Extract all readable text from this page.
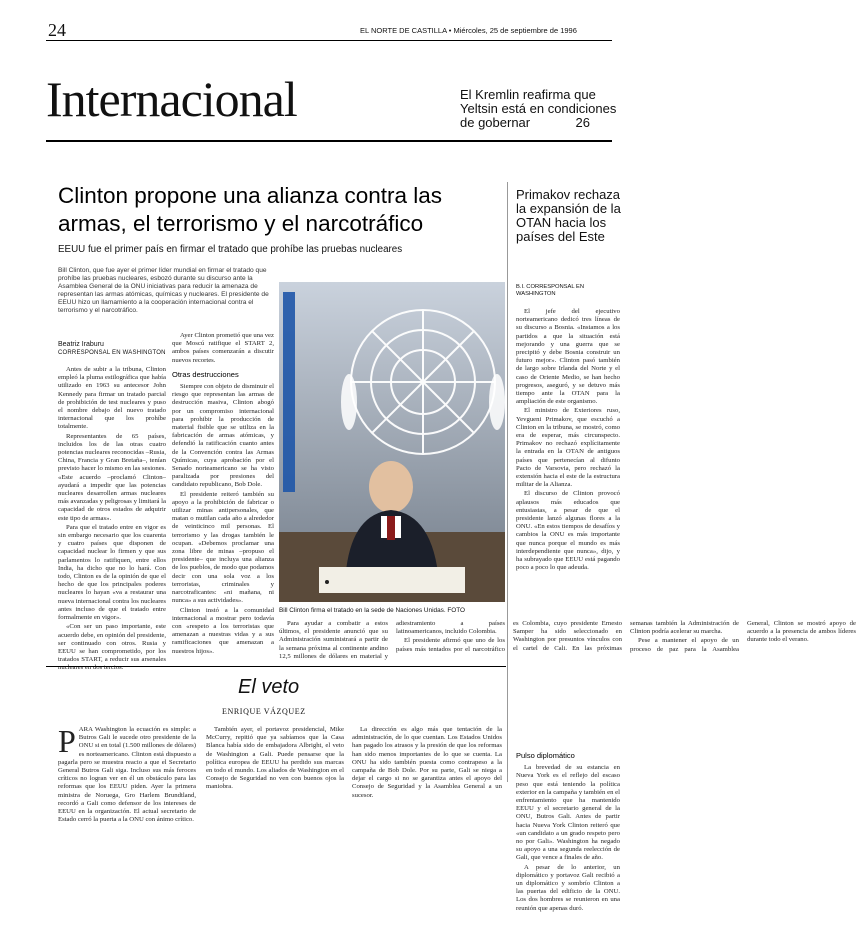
24	EL NORTE DE CASTILLA • Miércoles, 25 de septiembre de 1996
Internacional	El Kremlin reafirma que Yeltsin está en condiciones de gobernar	26
Clinton propone una alianza contra las armas, el terrorismo y el narcotráfico
EEUU fue el primer país en firmar el tratado que prohíbe las pruebas nucleares
Bill Clinton, que fue ayer el primer líder mundial en firmar el tratado que prohíbe las pruebas nucleares, esbozó durante su discurso ante la Asamblea General de la ONU iniciativas para reducir la amenaza de representan las armas atómicas, químicas y nucleares. El presidente de EEUU hizo un llamamiento a la cooperación internacional contra el terrorismo y el narcotráfico.
Beatriz Iraburu
CORRESPONSAL EN WASHINGTON

Antes de subir a la tribuna, Clinton empleó la pluma estilográfica que había utilizado en 1963 su antecesor John Kennedy para firmar un tratado parcial de prohibición de test nucleares y puso el nombre debajo del nuevo tratado internacional que los prohíbe totalmente.

Representantes de 65 países, incluidos los de las otras cuatro potencias nucleares reconocidas –Rusia, China, Francia y Gran Bretaña–, tenían previsto hacer lo mismo en las sesiones. «Este acuerdo –proclamó Clinton– ayudará a impedir que las potencias nucleares desarrollen armas nucleares más avanzadas y peligrosas y limitará la capacidad de otros estados de adquirir este tipo de armas».

Para que el tratado entre en vigor es sin embargo necesario que los cuarenta y cuatro países que disponen de capacidad nuclear lo firmen y que sus parlamentos lo ratifiquen, entre ellos India, ha dicho que no lo hará. Con todo, Clinton es de la opinión de que el hecho de que los principales poderes nucleares lo hayan «va a restaurar una nueva internacional contra los nucleares antes incluso de que el tratado entre formalmente en vigor».

«Con ser un paso importante, este acuerdo debe, en opinión del presidente, ser continuado con otros. Rusia y EEUU se han comprometido, por los tratados START, a reducir sus arsenales nucleares en dos tercios.

Ayer Clinton prometió que una vez que Moscú ratifique el START 2, ambos países comenzarán a discutir nuevos recortes.

Otras destrucciones

Siempre con objeto de disminuir el riesgo que representan las armas de destrucción masiva, Clinton abogó por un compromiso internacional para prohibir la producción de material fisible que se utiliza en la fabricación de armas atómicas, y defendió la ratificación cuanto antes de la Convención contra las Armas Químicas, cuya aprobación por el Senado norteamericano se ha visto paralizada por presiones del candidato republicano, Bob Dole.

El presidente reiteró también su apoyo a la prohibición de fabricar o utilizar minas antipersonales, que matan o mutilan cada año a alrededor de veinticinco mil personas. El terrorismo y las drogas también le ocupan. «Debemos proclamar una zona libre de minas –propuso el presidente– que incluya una alianza de los pueblos, de modo que podamos decir con una sola voz a los terroristas, criminales y narcotraficantes: «ni mañana, ni nunca» a sus actividades».

Clinton instó a la comunidad internacional a mostrar pero todavía con «respeto a los terroristas que amenazan a nuestras vidas y a sus ramificaciones que amenazan a nuestros hijos».

Para ayudar a combatir a estos últimos, el presidente anunció que su Administración suministrará a partir de la semana próxima al continente andino 12,5 millones de dólares en material y adiestramiento a países latinoamericanos, incluido Colombia.

El presidente afirmó que uno de los países más tentados por el narcotráfico es Colombia, cuyo presidente Ernesto Samper ha sido seleccionado en Washington por presuntos vínculos con el cartel de Cali. En las próximas semanas también la Administración de Clinton podría acelerar su marcha.

Pese a mantener el apoyo de un proceso de paz para la Asamblea General, Clinton se mostró apoyo de acuerdo a la presencia de ambos líderes durante todo el verano.

Bill Clinton firma el tratado en la sede de Naciones Unidas. FOTO
Primakov rechaza la expansión de la OTAN hacia los países del Este
B.I. CORRESPONSAL EN WASHINGTON

El jefe del ejecutivo norteamericano dedicó tres líneas de su discurso a Bosnia. «Instamos a los partidos a que la situación está mejorando y una guerra que se precipitó y debe Bosnia construir un futuro mejor». Clinton pasó también de largo sobre Irlanda del Norte y el caso de Oriente Medio, se han hecho progresos, aseguró, y se detuvo más tiempo ante la OTAN para la ampliación de este organismo.

El ministro de Exteriores ruso, Yevgueni Primakov, que escuchó a Clinton en la tribuna, se mostró, como era de esperar, más circunspecto. Primakov no rechazó explícitamente la entrada en la OTAN de antiguos países que pertenecían al difunto Pacto de Varsovia, pero rechazó la extensión hacia el este de la estructura militar de la Alianza.

El discurso de Clinton provocó aplausos más educados que entusiastas, a pesar de que el presidente lanzó algunas flores a la ONU. «En estos tiempos de desafíos y cambios la ONU es más importante que nunca porque el mundo es más interdependiente que nunca», dijo, y ha subrayado que EEUU está pagando poco a poco lo que adeuda.

Pulso diplomático

La brevedad de su estancia en Nueva York es el reflejo del escaso peso que está teniendo la política exterior en la campaña y también en el enfrentamiento que ha mantenido EEUU y el secretario general de la ONU, Butros Gali. Antes de partir hacia Nueva York Clinton reiteró que «un candidato a un grado respeto pero no por Gali». Washington ha negado su apoyo a una segunda reelección de Gali, que vence a finales de año.

A pesar de lo anterior, un diplomático y portavoz Gali recibió a un diplomático y sombrío Clinton a las puertas del edificio de la ONU. Los dos hombres se reunieron en una reunión que apenas duró.

El veto
ENRIQUE VÁZQUEZ
P ARA Washington la ecuación es simple: a Butros Gali le sucede otro presidente de la ONU si en total (1.500 millones de dólares) es norteamericano. Clinton está dispuesto a pagarla pero se muestra reacio a que el Secretario General Butros Gali siga. Incluso sus más feroces críticos no logran ver en él un obstáculo para las reformas que los EEUU piden. Ayer la primera ministra de Noruega, Gro Harlem Brundtland, recordó a Gali como defensor de los intereses de EEUU en la organización. El actual secretario de Estado cerró la puerta a la ONU con ánimo crítico.

También ayer, el portavoz presidencial, Mike McCurry, repitió que ya sabíamos que la Casa Blanca había sido de embajadora Albright, el veto de Washington a Gali. Puede pensarse que la política europea de EEUU ha perdido sus marcas en todo el mundo. Los aliados de Washington en el Consejo de Seguridad no ven con buenos ojos la maniobra.

La dirección es algo más que tentación de la administración, de lo que cuentan. Los Estados Unidos han pagado los atrasos y la presión de que los reformas han sido menos importantes de lo que se cuenta. La ONU ha sido también puesta como contrapeso a la campaña de Bob Dole. Por su parte, Gali se niega a dejar el cargo si no se garantiza antes el apoyo del Consejo de Seguridad y la Asamblea General a un sucesor.
